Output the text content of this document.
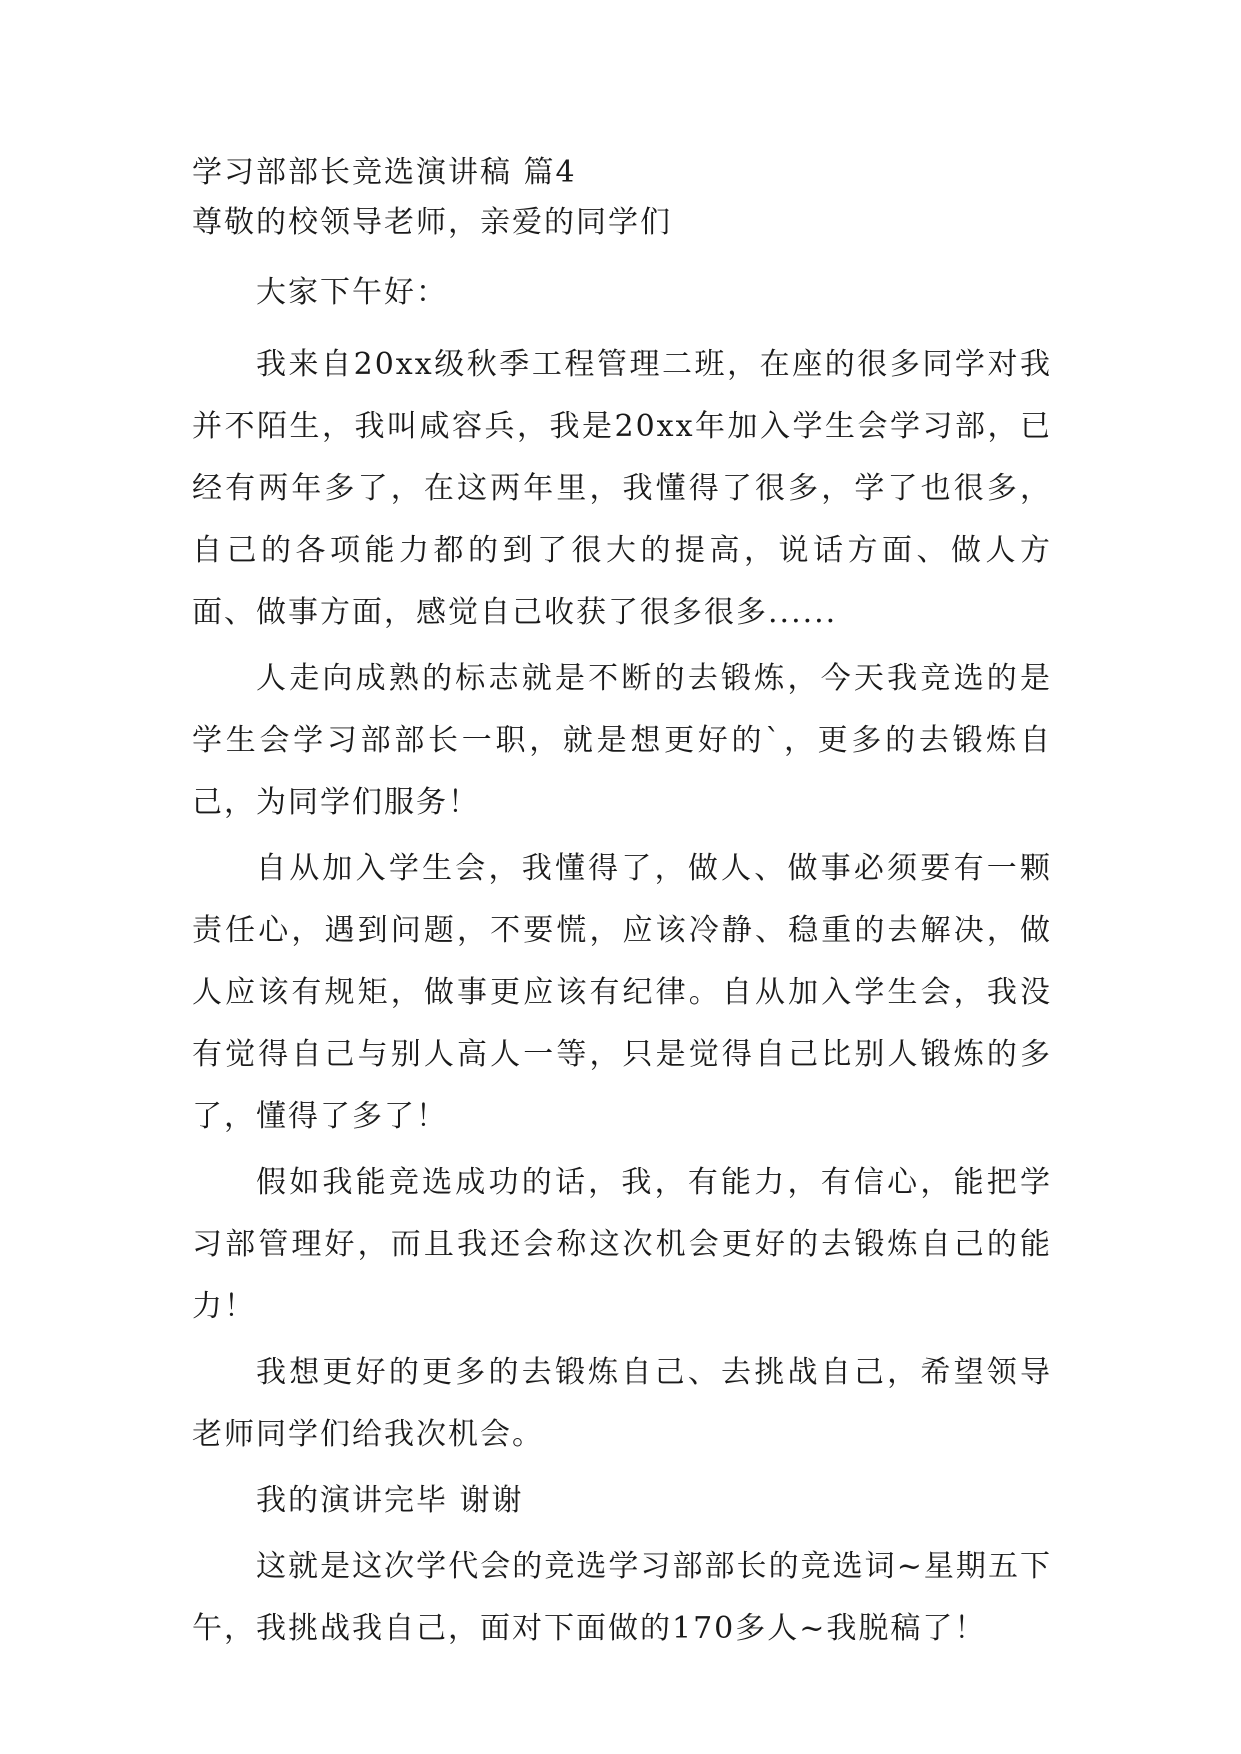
学习部部长竞选演讲稿 篇4

尊敬的校领导老师，亲爱的同学们

大家下午好：

我来自20xx级秋季工程管理二班，在座的很多同学对我并不陌生，我叫咸容兵，我是20xx年加入学生会学习部，已经有两年多了，在这两年里，我懂得了很多，学了也很多，自己的各项能力都的到了很大的提高，说话方面、做人方面、做事方面，感觉自己收获了很多很多......

人走向成熟的标志就是不断的去锻炼，今天我竞选的是学生会学习部部长一职，就是想更好的`，更多的去锻炼自己，为同学们服务！

自从加入学生会，我懂得了，做人、做事必须要有一颗责任心，遇到问题，不要慌，应该冷静、稳重的去解决，做人应该有规矩，做事更应该有纪律。自从加入学生会，我没有觉得自己与别人高人一等，只是觉得自己比别人锻炼的多了，懂得了多了！

假如我能竞选成功的话，我，有能力，有信心，能把学习部管理好，而且我还会称这次机会更好的去锻炼自己的能力！

我想更好的更多的去锻炼自己、去挑战自己，希望领导老师同学们给我次机会。

我的演讲完毕 谢谢

这就是这次学代会的竞选学习部部长的竞选词~星期五下午，我挑战我自己，面对下面做的170多人~我脱稿了！
